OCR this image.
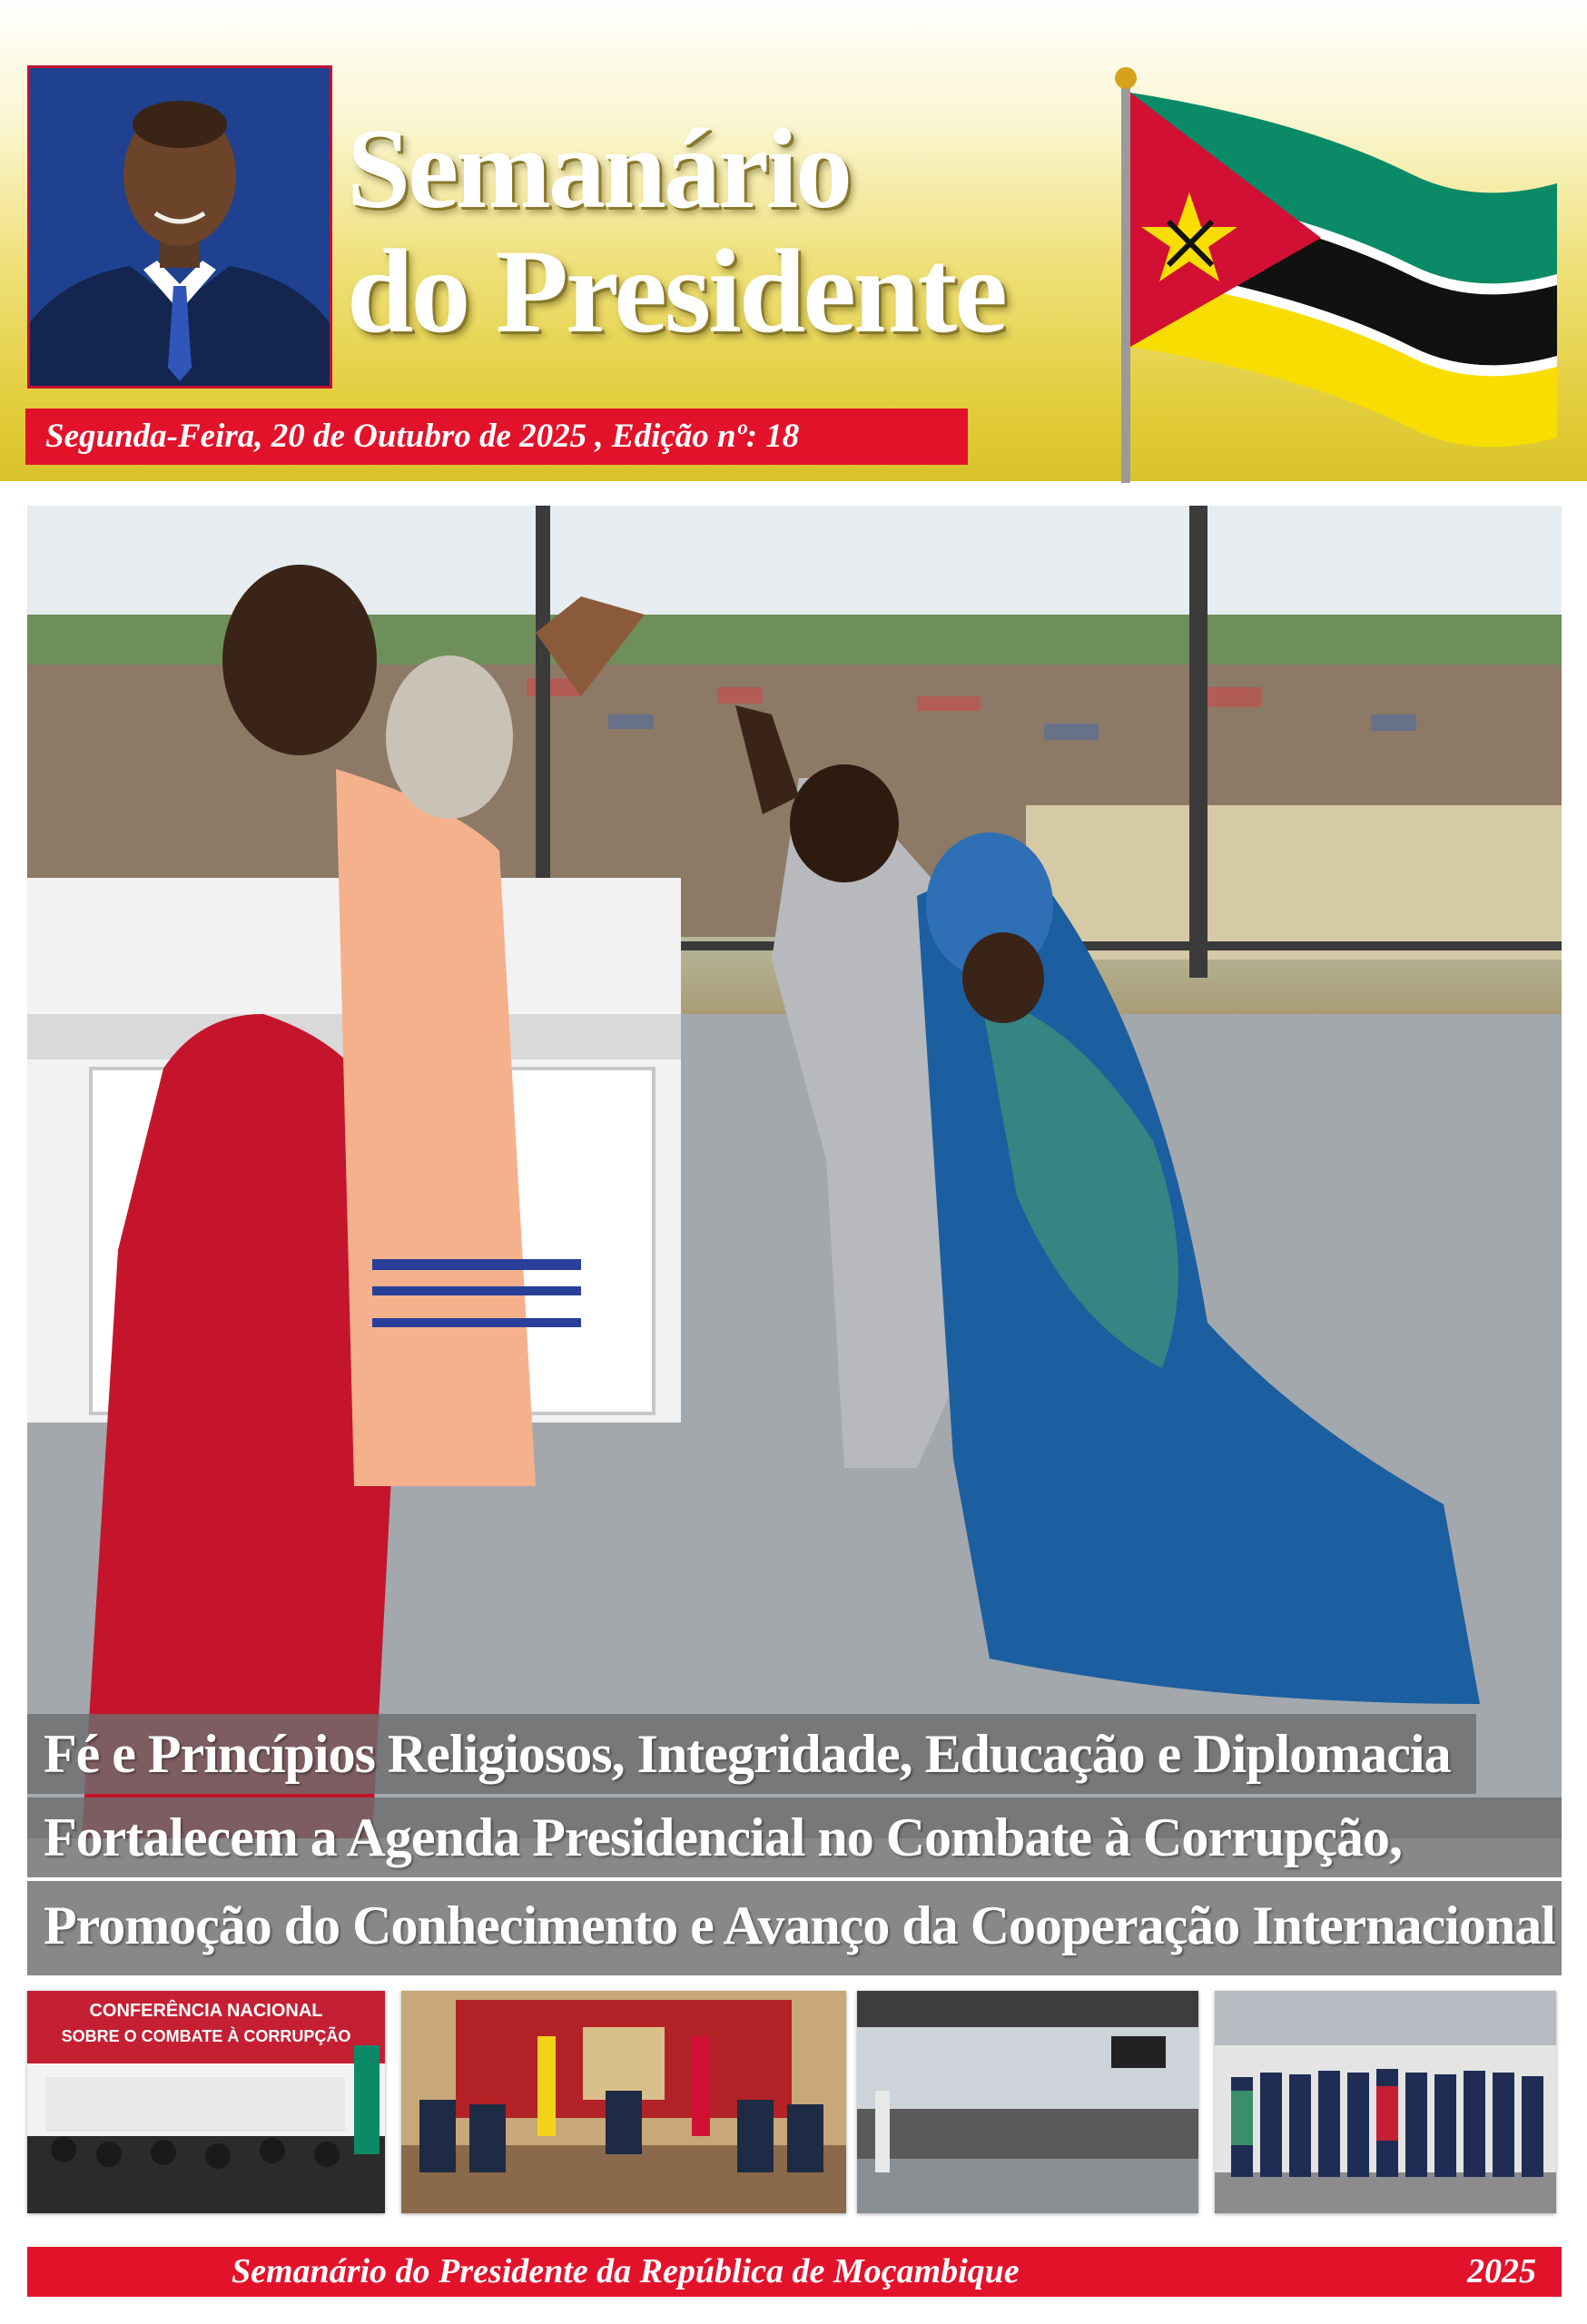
Semanário
do Presidente
Segunda-Feira, 20 de Outubro de 2025 , Edição nº: 18
Fé e Princípios Religiosos, Integridade, Educação e Diplomacia
Fortalecem a Agenda Presidencial no Combate à Corrupção,
Promoção do Conhecimento e Avanço da Cooperação Internacional
CONFERÊNCIA NACIONAL
SOBRE O COMBATE À CORRUPÇÃO
Semanário do Presidente da República de Moçambique	2025
